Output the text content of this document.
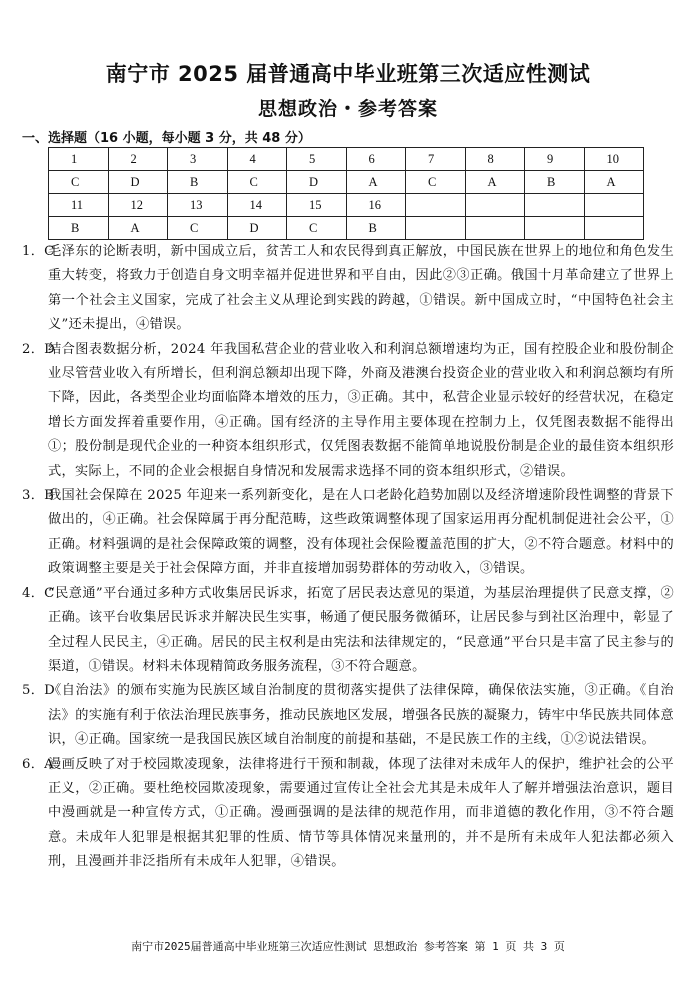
南宁市 2025 届普通高中毕业班第三次适应性测试
思想政治・参考答案
一、选择题（16 小题，每小题 3 分，共 48 分）
1	2	3	4	5	6	7	8	9	10
C	D	B	C	D	A	C	A	B	A
11	12	13	14	15	16				
B	A	C	D	C	B				
1．C
毛泽东的论断表明，新中国成立后，贫苦工人和农民得到真正解放，中国民族在世界上的地位和角色发生重大转变，将致力于创造自身文明幸福并促进世界和平自由，因此②③正确。俄国十月革命建立了世界上第一个社会主义国家，完成了社会主义从理论到实践的跨越，①错误。新中国成立时，“中国特色社会主义”还未提出，④错误。
2．D
结合图表数据分析，2024 年我国私营企业的营业收入和利润总额增速均为正，国有控股企业和股份制企业尽管营业收入有所增长，但利润总额却出现下降，外商及港澳台投资企业的营业收入和利润总额均有所下降，因此，各类型企业均面临降本增效的压力，③正确。其中，私营企业显示较好的经营状况，在稳定增长方面发挥着重要作用，④正确。国有经济的主导作用主要体现在控制力上，仅凭图表数据不能得出①；股份制是现代企业的一种资本组织形式，仅凭图表数据不能简单地说股份制是企业的最佳资本组织形式，实际上，不同的企业会根据自身情况和发展需求选择不同的资本组织形式，②错误。
3．B
我国社会保障在 2025 年迎来一系列新变化，是在人口老龄化趋势加剧以及经济增速阶段性调整的背景下做出的，④正确。社会保障属于再分配范畴，这些政策调整体现了国家运用再分配机制促进社会公平，①正确。材料强调的是社会保障政策的调整，没有体现社会保险覆盖范围的扩大，②不符合题意。材料中的政策调整主要是关于社会保障方面，并非直接增加弱势群体的劳动收入，③错误。
4．C
“民意通”平台通过多种方式收集居民诉求，拓宽了居民表达意见的渠道，为基层治理提供了民意支撑，②正确。该平台收集居民诉求并解决民生实事，畅通了便民服务微循环，让居民参与到社区治理中，彰显了全过程人民民主，④正确。居民的民主权利是由宪法和法律规定的，“民意通”平台只是丰富了民主参与的渠道，①错误。材料未体现精简政务服务流程，③不符合题意。
5．D
《自治法》的颁布实施为民族区域自治制度的贯彻落实提供了法律保障，确保依法实施，③正确。《自治法》的实施有利于依法治理民族事务，推动民族地区发展，增强各民族的凝聚力，铸牢中华民族共同体意识，④正确。国家统一是我国民族区域自治制度的前提和基础，不是民族工作的主线，①②说法错误。
6．A
漫画反映了对于校园欺凌现象，法律将进行干预和制裁，体现了法律对未成年人的保护，维护社会的公平正义，②正确。要杜绝校园欺凌现象，需要通过宣传让全社会尤其是未成年人了解并增强法治意识，题目中漫画就是一种宣传方式，①正确。漫画强调的是法律的规范作用，而非道德的教化作用，③不符合题意。未成年人犯罪是根据其犯罪的性质、情节等具体情况来量刑的，并不是所有未成年人犯法都必须入刑，且漫画并非泛指所有未成年人犯罪，④错误。
南宁市2025届普通高中毕业班第三次适应性测试 思想政治 参考答案 第 1 页 共 3 页
